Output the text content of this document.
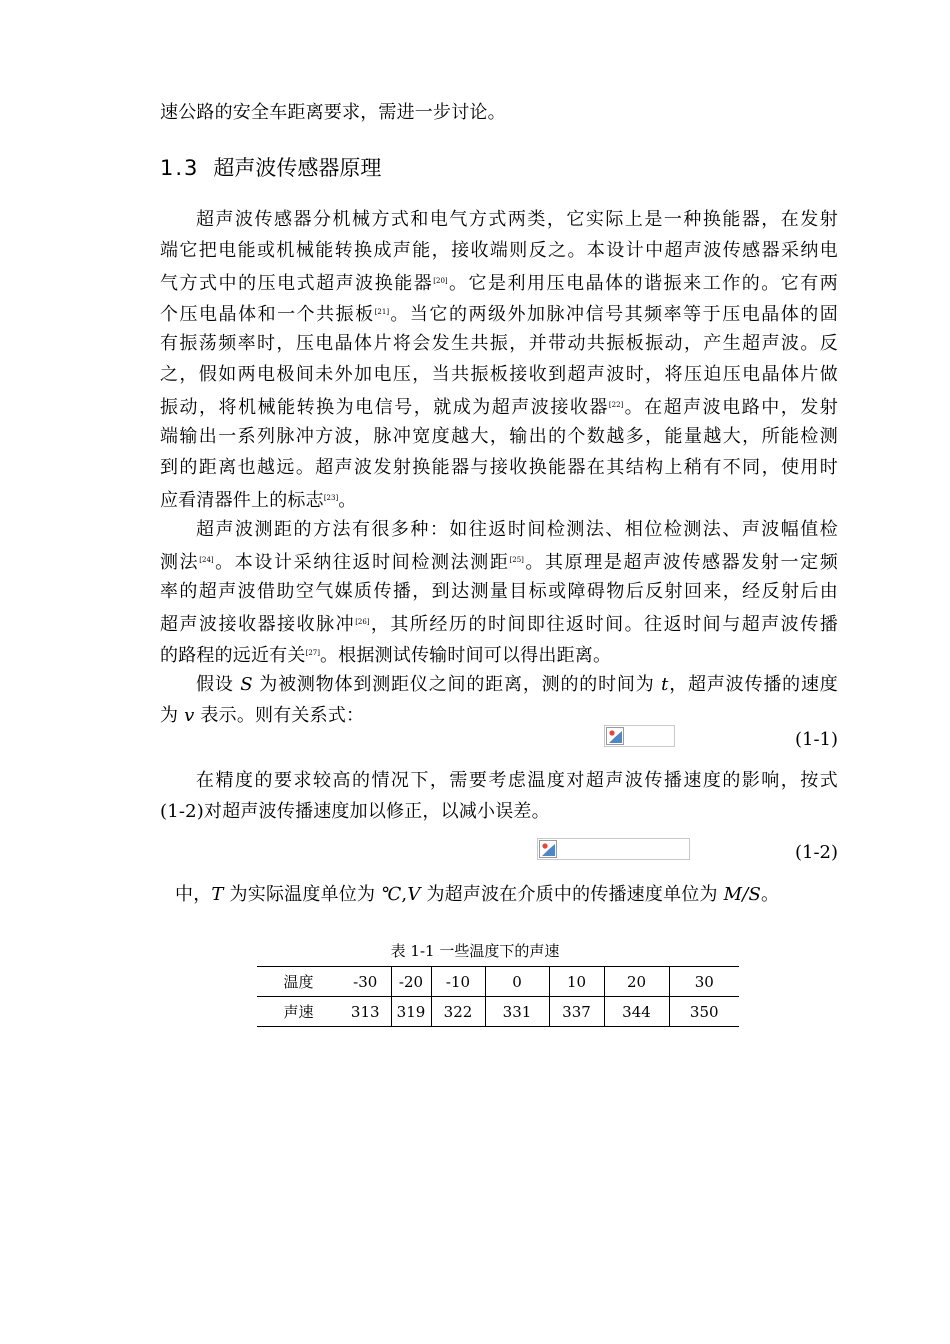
速公路的安全车距离要求，需进一步讨论。
1.3 超声波传感器原理
超声波传感器分机械方式和电气方式两类，它实际上是一种换能器，在发射
端它把电能或机械能转换成声能，接收端则反之。本设计中超声波传感器采纳电
气方式中的压电式超声波换能器[20]。它是利用压电晶体的谐振来工作的。它有两
个压电晶体和一个共振板[21]。当它的两级外加脉冲信号其频率等于压电晶体的固
有振荡频率时，压电晶体片将会发生共振，并带动共振板振动，产生超声波。反
之，假如两电极间未外加电压，当共振板接收到超声波时，将压迫压电晶体片做
振动，将机械能转换为电信号，就成为超声波接收器[22]。在超声波电路中，发射
端输出一系列脉冲方波，脉冲宽度越大，输出的个数越多，能量越大，所能检测
到的距离也越远。超声波发射换能器与接收换能器在其结构上稍有不同，使用时
应看清器件上的标志[23]。
超声波测距的方法有很多种：如往返时间检测法、相位检测法、声波幅值检
测法[24]。本设计采纳往返时间检测法测距[25]。其原理是超声波传感器发射一定频
率的超声波借助空气媒质传播，到达测量目标或障碍物后反射回来，经反射后由
超声波接收器接收脉冲[26]，其所经历的时间即往返时间。往返时间与超声波传播
的路程的远近有关[27]。根据测试传输时间可以得出距离。
假设 S 为被测物体到测距仪之间的距离，测的的时间为 t，超声波传播的速度
为 v 表示。则有关系式：
(1-1)
在精度的要求较高的情况下，需要考虑温度对超声波传播速度的影响，按式
(1-2)对超声波传播速度加以修正，以减小误差。
(1-2)
中，T 为实际温度单位为 ℃,V 为超声波在介质中的传播速度单位为 M/S。
表 1-1 一些温度下的声速
温度	-30	-20	-10	0	10	20	30
声速	313	319	322	331	337	344	350
